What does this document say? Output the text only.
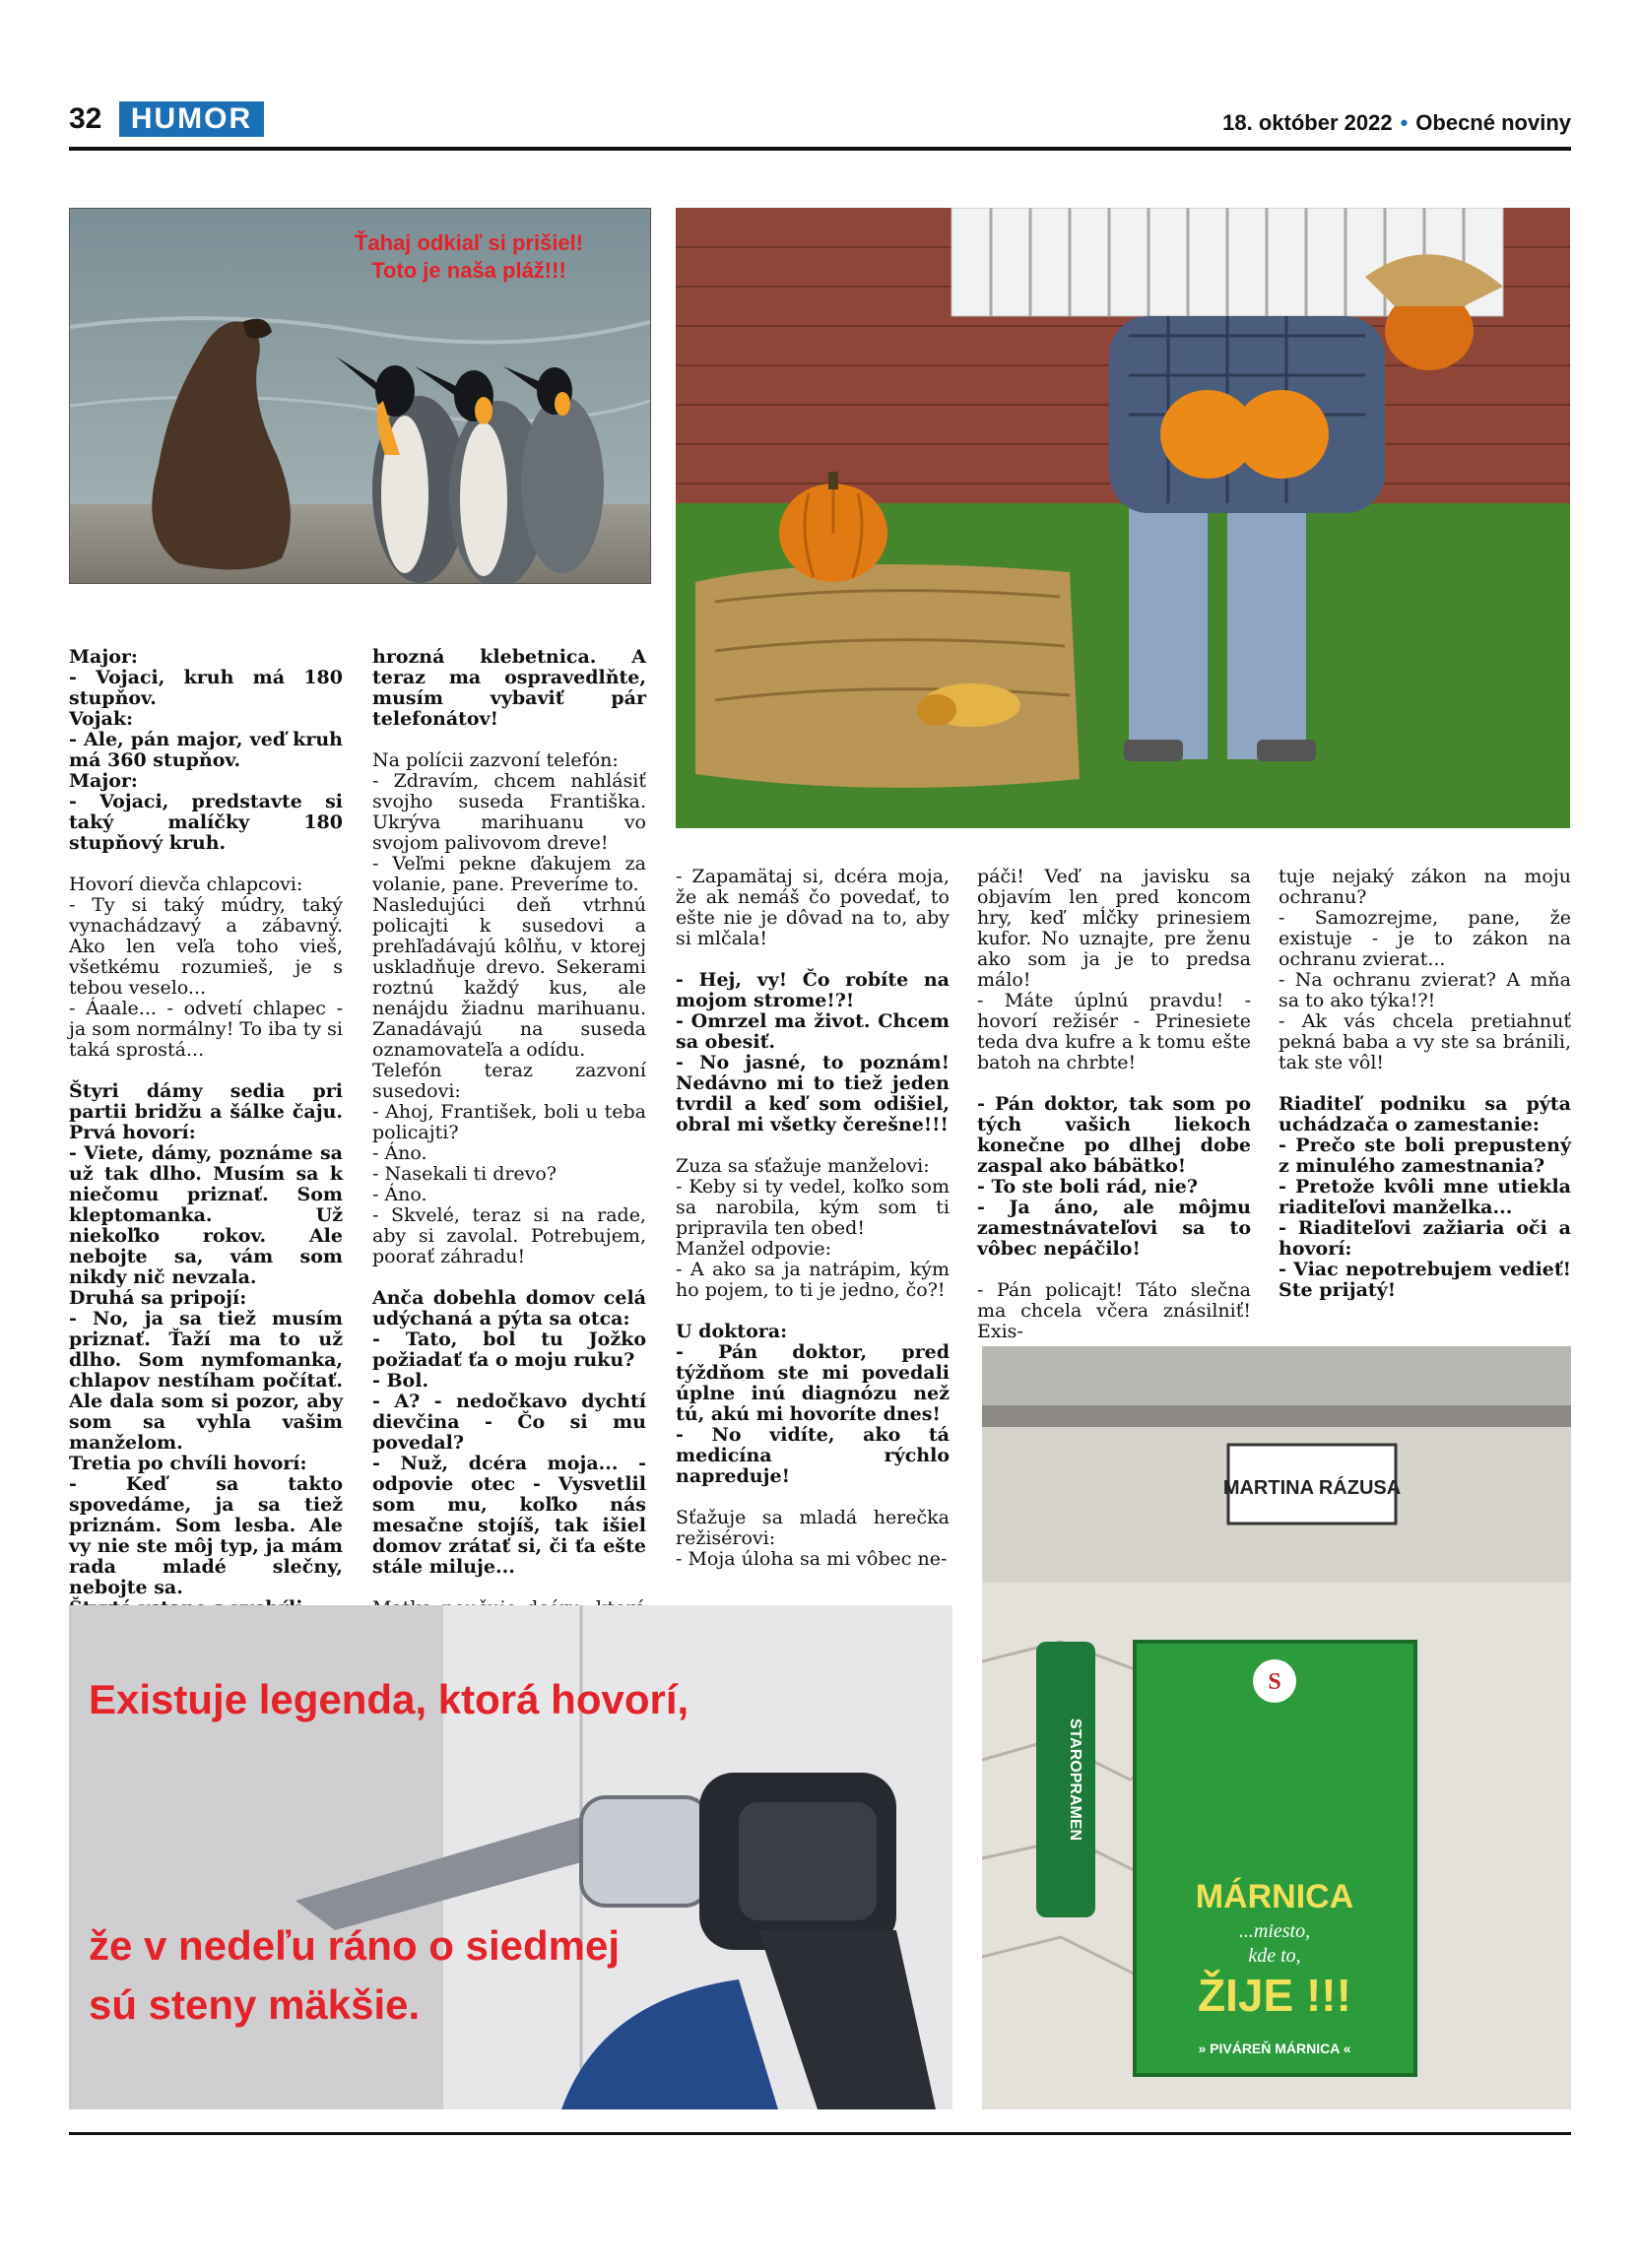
32 HUMOR	18. október 2022 • Obecné noviny
Ťahaj odkiaľ si prišiel!
Toto je naša pláž!!!

Major:
- Vojaci, kruh má 180 stupňov.
Vojak:
- Ale, pán major, veď kruh má 360 stupňov.
Major:
- Vojaci, predstavte si taký malíčky 180 stupňový kruh.

Hovorí dievča chlapcovi:
- Ty si taký múdry, taký vynachádzavý a zábavný. Ako len veľa toho vieš, všetkému rozumieš, je s tebou veselo...
- Áaale... - odvetí chlapec - ja som normálny! To iba ty si taká sprostá...

Štyri dámy sedia pri partii bridžu a šálke čaju. Prvá hovorí:
- Viete, dámy, poznáme sa už tak dlho. Musím sa k niečomu priznať. Som kleptomanka. Už niekoľko rokov. Ale nebojte sa, vám som nikdy nič nevzala.
Druhá sa pripojí:
- No, ja sa tiež musím priznať. Ťaží ma to už dlho. Som nymfomanka, chlapov nestíham počítať. Ale dala som si pozor, aby som sa vyhla vašim manželom.
Tretia po chvíli hovorí:
- Keď sa takto spovedáme, ja sa tiež priznám. Som lesba. Ale vy nie ste môj typ, ja mám rada mladé slečny, nebojte sa.

hrozná klebetnica. A teraz ma ospravedlňte, musím vybaviť pár telefonátov!

Na polícii zazvoní telefón:
- Zdravím, chcem nahlásiť svojho suseda Františka. Ukrýva marihuanu vo svojom palivovom dreve!
- Veľmi pekne ďakujem za volanie, pane. Preveríme to.
Nasledujúci deň vtrhnú policajti k susedovi a prehľadávajú kôlňu, v ktorej uskladňuje drevo. Sekerami roztnú každý kus, ale nenájdu žiadnu marihuanu. Zanadávajú na suseda oznamovateľa a odídu.
Telefón teraz zazvoní susedovi:
- Ahoj, František, boli u teba policajti?
- Áno.
- Nasekali ti drevo?
- Áno.
- Skvelé, teraz si na rade, aby si zavolal. Potrebujem, poorať záhradu!

Anča dobehla domov celá udýchaná a pýta sa otca:
- Tato, bol tu Jožko požiadať ťa o moju ruku?
- Bol.
- A? - nedočkavo dychtí dievčina - Čo si mu povedal?
- Nuž, dcéra moja... - odpovie otec - Vysvetlil som mu, koľko nás mesačne stojíš, tak išiel domov zrátať si, či ťa ešte stále miluje...

- Zapamätaj si, dcéra moja, že ak nemáš čo povedať, to ešte nie je dôvad na to, aby si mlčala!

- Hej, vy! Čo robíte na mojom strome!?!
- Omrzel ma život. Chcem sa obesiť.
- No jasné, to poznám! Nedávno mi to tiež jeden tvrdil a keď som odišiel, obral mi všetky čerešne!!!

Zuza sa sťažuje manželovi:
- Keby si ty vedel, koľko som sa narobila, kým som ti pripravila ten obed!
Manžel odpovie:
- A ako sa ja natrápim, kým ho pojem, to ti je jedno, čo?!

U doktora:
- Pán doktor, pred týždňom ste mi povedali úplne inú diagnózu než tú, akú mi hovoríte dnes!
- No vidíte, ako tá medicína rýchlo napreduje!

Sťažuje sa mladá herečka režisérovi:
- Moja úloha sa mi vôbec ne-

páči! Veď na javisku sa objavím len pred koncom hry, keď mĺčky prinesiem kufor. No uznajte, pre ženu ako som ja je to predsa málo!
- Máte úplnú pravdu! - hovorí režisér - Prinesiete teda dva kufre a k tomu ešte batoh na chrbte!

- Pán doktor, tak som po tých vašich liekoch konečne po dlhej dobe zaspal ako bábätko!
- To ste boli rád, nie?
- Ja áno, ale môjmu zamestnávateľovi sa to vôbec nepáčilo!

- Pán policajt! Táto slečna ma chcela včera znásilniť! Exis-

tuje nejaký zákon na moju ochranu?
- Samozrejme, pane, že existuje - je to zákon na ochranu zvierat...
- Na ochranu zvierat? A mňa sa to ako týka!?!
- Ak vás chcela pretiahnuť pekná baba a vy ste sa bránili, tak ste vôl!

Riaditeľ podniku sa pýta uchádzača o zamestanie:
- Prečo ste boli prepustený z minulého zamestnania?
- Pretože kvôli mne utiekla riaditeľovi manželka...
- Riaditeľovi zažiaria oči a hovorí:
- Viac nepotrebujem vedieť! Ste prijatý!

Existuje legenda, ktorá hovorí,
že v nedeľu ráno o siedmej
sú steny mäkšie.
MARTINA RÁZUSA
STAROPRAMEN
S
MÁRNICA
...miesto,
kde to,
ŽIJE !!!
» PIVÁREŇ MÁRNICA «
